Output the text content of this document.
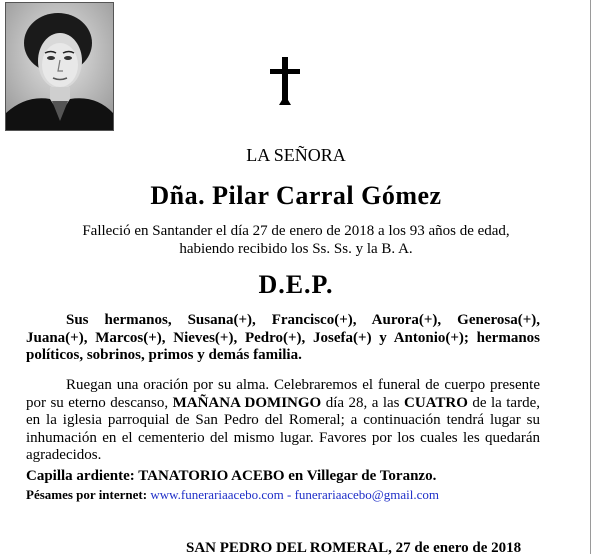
LA SEÑORA
Dña. Pilar Carral Gómez
Falleció en Santander el día 27 de enero de 2018 a los 93 años de edad,
habiendo recibido los Ss. Ss. y la B. A.
D.E.P.
Sus hermanos, Susana(+), Francisco(+), Aurora(+), Generosa(+), Juana(+), Marcos(+), Nieves(+), Pedro(+), Josefa(+) y Antonio(+); hermanos políticos, sobrinos, primos y demás familia.
Ruegan una oración por su alma. Celebraremos el funeral de cuerpo presente por su eterno descanso, MAÑANA DOMINGO día 28, a las CUATRO de la tarde, en la iglesia parroquial de San Pedro del Romeral; a continuación tendrá lugar su inhumación en el cementerio del mismo lugar. Favores por los cuales les quedarán agradecidos.
Capilla ardiente: TANATORIO ACEBO en Villegar de Toranzo.
Pésames por internet: www.funerariaacebo.com - funerariaacebo@gmail.com
SAN PEDRO DEL ROMERAL, 27 de enero de 2018
